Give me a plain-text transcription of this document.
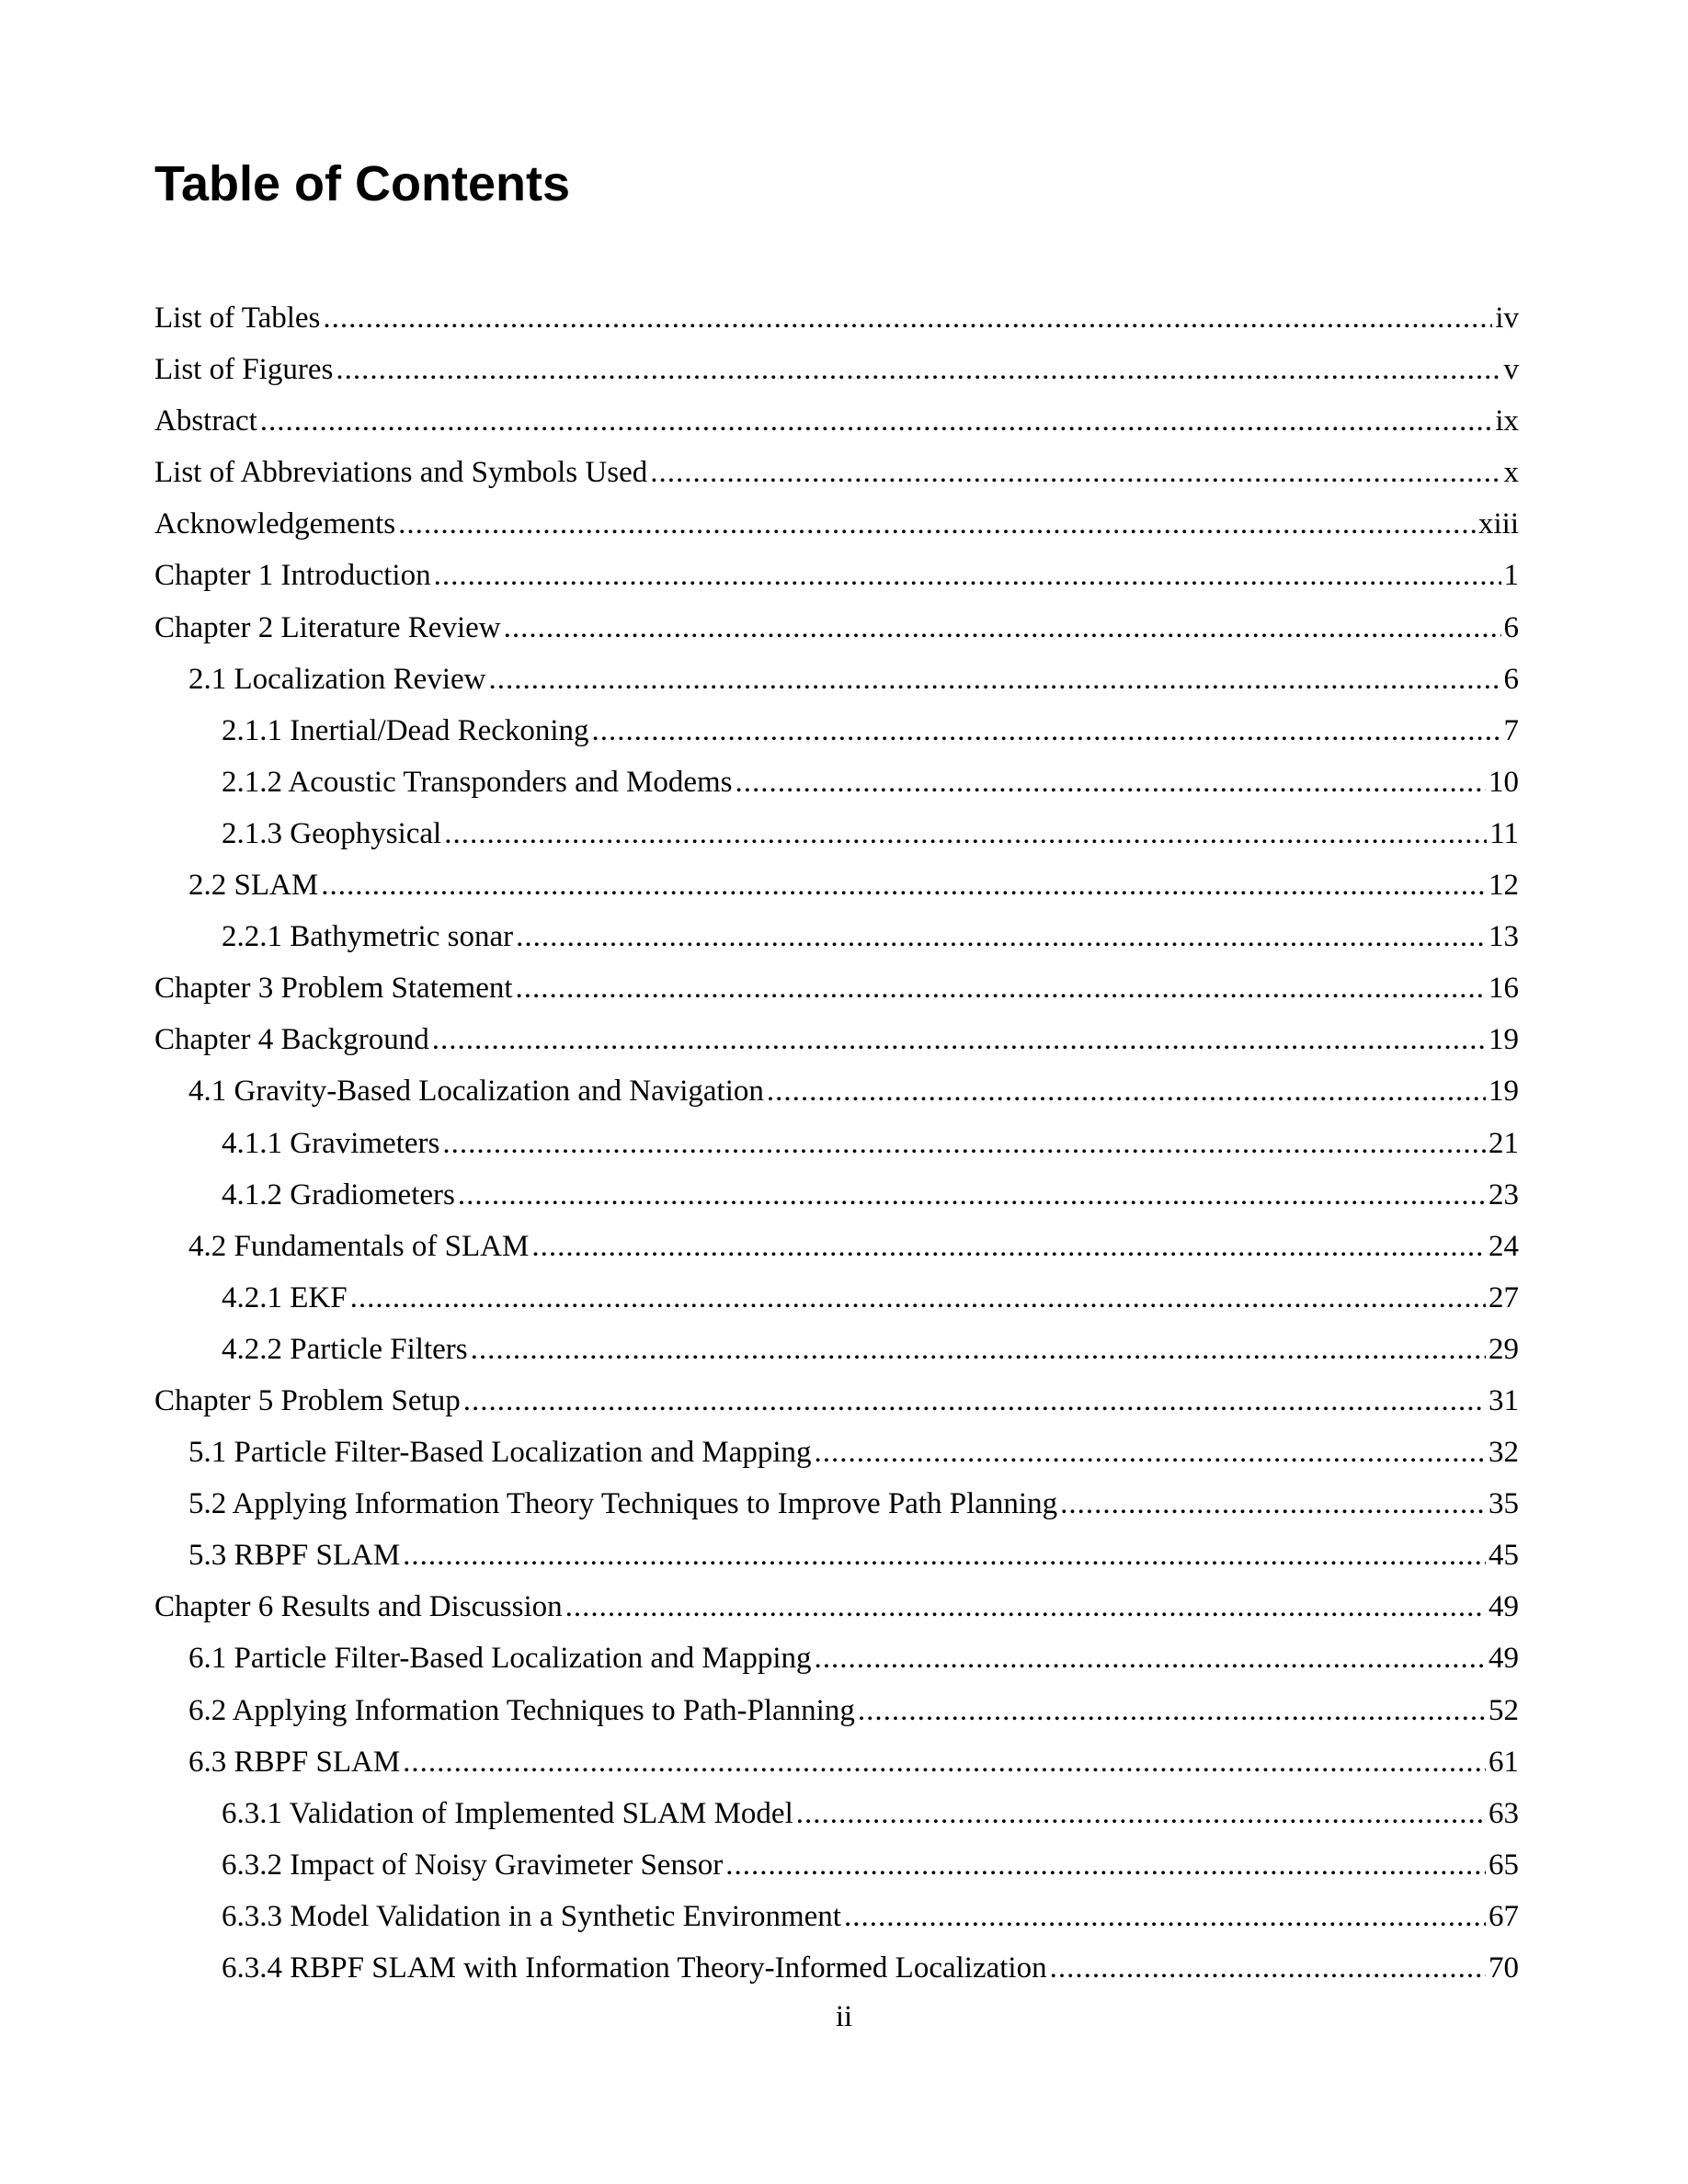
Table of Contents
List of Tables .....	iv
List of Figures .....	v
Abstract .....	ix
List of Abbreviations and Symbols Used .....	x
Acknowledgements .....	xiii
Chapter 1 Introduction .....	1
Chapter 2 Literature Review .....	6
2.1 Localization Review .....	6
2.1.1 Inertial/Dead Reckoning .....	7
2.1.2 Acoustic Transponders and Modems .....	10
2.1.3 Geophysical .....	11
2.2 SLAM .....	12
2.2.1 Bathymetric sonar .....	13
Chapter 3 Problem Statement .....	16
Chapter 4 Background .....	19
4.1 Gravity-Based Localization and Navigation .....	19
4.1.1 Gravimeters .....	21
4.1.2 Gradiometers .....	23
4.2 Fundamentals of SLAM .....	24
4.2.1 EKF .....	27
4.2.2 Particle Filters .....	29
Chapter 5 Problem Setup .....	31
5.1 Particle Filter-Based Localization and Mapping .....	32
5.2 Applying Information Theory Techniques to Improve Path Planning .....	35
5.3 RBPF SLAM .....	45
Chapter 6 Results and Discussion .....	49
6.1 Particle Filter-Based Localization and Mapping .....	49
6.2 Applying Information Techniques to Path-Planning .....	52
6.3 RBPF SLAM .....	61
6.3.1 Validation of Implemented SLAM Model .....	63
6.3.2 Impact of Noisy Gravimeter Sensor .....	65
6.3.3 Model Validation in a Synthetic Environment .....	67
6.3.4 RBPF SLAM with Information Theory-Informed Localization .....	70
ii
